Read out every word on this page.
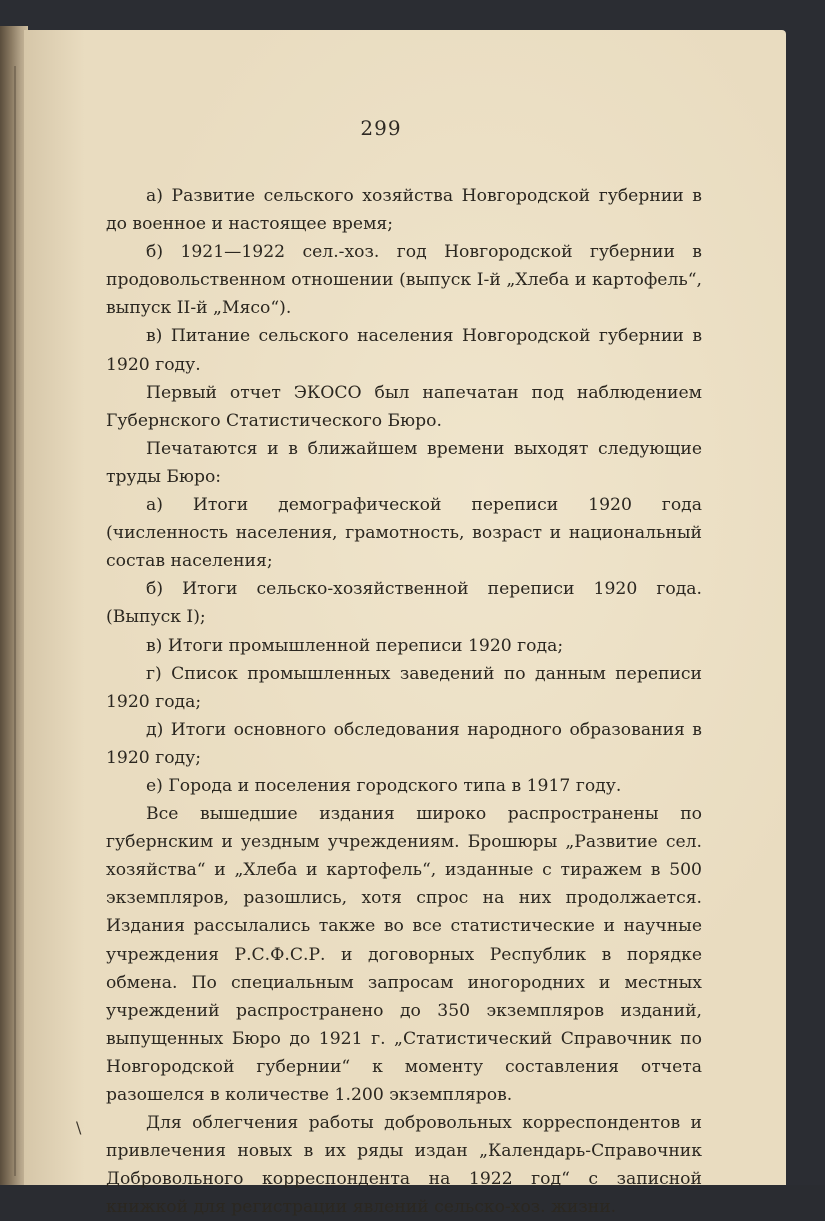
299

а) Развитие сельского хозяйства Новгородской губернии в до военное и настоящее время;

б) 1921—1922 сел.-хоз. год Новгородской губернии в продовольственном отношении (выпуск I-й „Хлеба и картофель“, выпуск II-й „Мясо“).

в) Питание сельского населения Новгородской губернии в 1920 году.

Первый отчет ЭКОСО был напечатан под наблюдением Губернского Статистического Бюро.

Печатаются и в ближайшем времени выходят следующие труды Бюро:

а) Итоги демографической переписи 1920 года (численность населения, грамотность, возраст и национальный состав населения;

б) Итоги сельско-хозяйственной переписи 1920 года. (Выпуск I);

в) Итоги промышленной переписи 1920 года;

г) Список промышленных заведений по данным переписи 1920 года;

д) Итоги основного обследования народного образования в 1920 году;

е) Города и поселения городского типа в 1917 году.

Все вышедшие издания широко распространены по губернским и уездным учреждениям. Брошюры „Развитие сел. хозяйства“ и „Хлеба и картофель“, изданные с тиражем в 500 экземпляров, разошлись, хотя спрос на них продолжается. Издания рассылались также во все статистические и научные учреждения Р.С.Ф.С.Р. и договорных Республик в порядке обмена. По специальным запросам иногородних и местных учреждений распространено до 350 экземпляров изданий, выпущенных Бюро до 1921 г. „Статистический Справочник по Новгородской губернии“ к моменту составления отчета разошелся в количестве 1.200 экземпляров.

Для облегчения работы добровольных корреспондентов и привлечения новых в их ряды издан „Календарь-Справочник Добровольного корреспондента на 1922 год“ с записной книжкой для регистрации явлений сельско-хоз. жизни.

\
